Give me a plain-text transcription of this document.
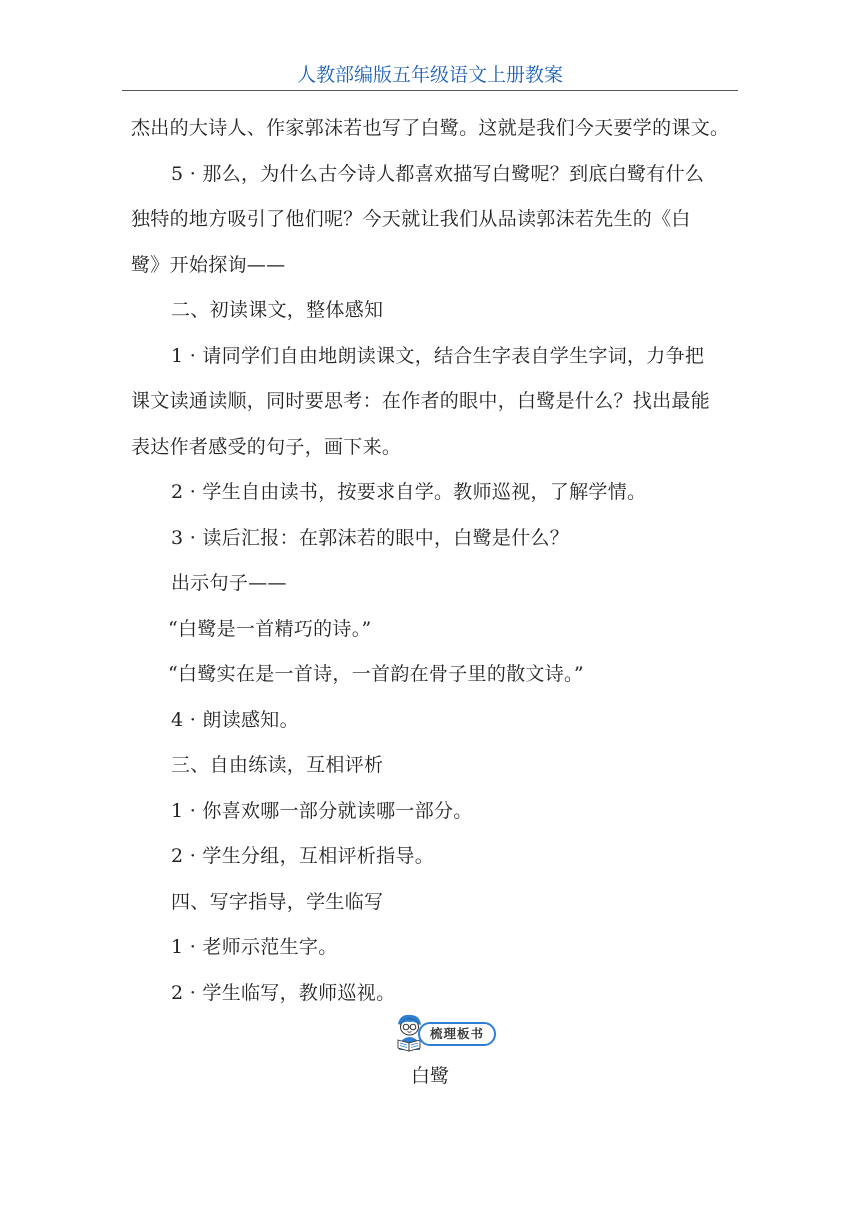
人教部编版五年级语文上册教案
杰出的大诗人、作家郭沫若也写了白鹭。这就是我们今天要学的课文。
5 · 那么，为什么古今诗人都喜欢描写白鹭呢？到底白鹭有什么
独特的地方吸引了他们呢？今天就让我们从品读郭沫若先生的《白
鹭》开始探询——
二、初读课文，整体感知
1 · 请同学们自由地朗读课文，结合生字表自学生字词，力争把
课文读通读顺，同时要思考：在作者的眼中，白鹭是什么？找出最能
表达作者感受的句子，画下来。
2 · 学生自由读书，按要求自学。教师巡视，了解学情。
3 · 读后汇报：在郭沫若的眼中，白鹭是什么？
出示句子——
“白鹭是一首精巧的诗。”
“白鹭实在是一首诗，一首韵在骨子里的散文诗。”
4 · 朗读感知。
三、自由练读，互相评析
1 · 你喜欢哪一部分就读哪一部分。
2 · 学生分组，互相评析指导。
四、写字指导，学生临写
1 · 老师示范生字。
2 · 学生临写，教师巡视。
梳理板书
白鹭
